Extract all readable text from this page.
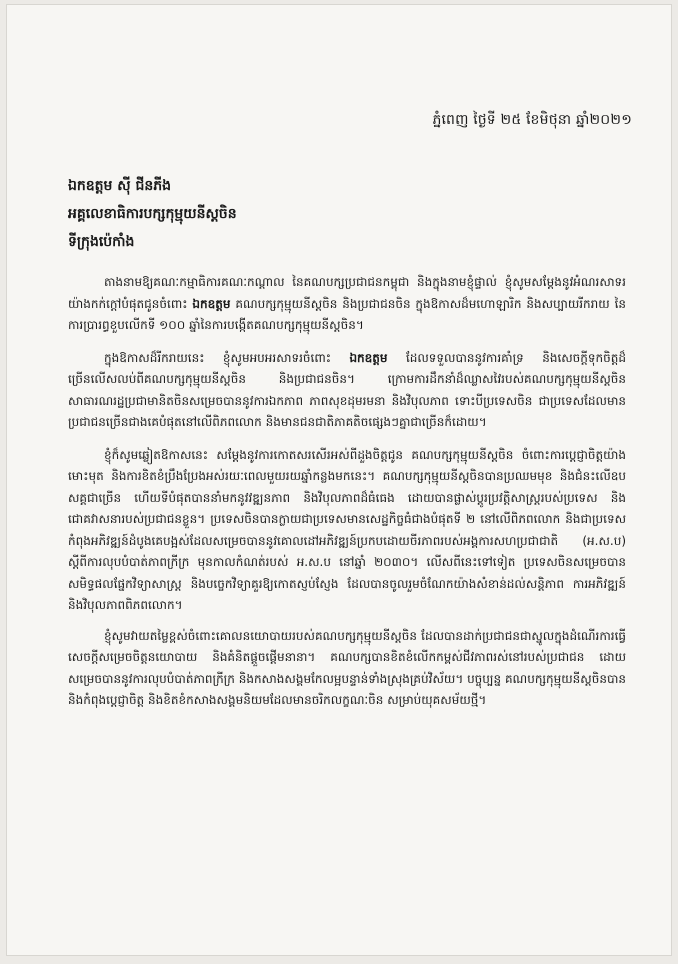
ភ្នំពេញ ថ្ងៃទី ២៥ ខែមិថុនា ឆ្នាំ២០២១
ឯកឧត្តម ស៊ី ជីនភីង
អគ្គលេខាធិការបក្សកុម្មុយនីស្តចិន
ទីក្រុងប៉េកាំង

តាងនាមឱ្យគណៈកម្មាធិការគណៈកណ្ដាល នៃគណបក្សប្រជាជនកម្ពុជា និងក្នុងនាមខ្ញុំផ្ទាល់ ខ្ញុំសូមសម្ដែងនូវអំណរសាទរយ៉ាងកក់ក្ដៅបំផុតជូនចំពោះ ឯកឧត្តម គណបក្សកុម្មុយនីស្តចិន និងប្រជាជនចិន ក្នុងឱកាសដ៏មហោឡារិក និងសប្បាយរីករាយ នៃការប្រារព្ធខួបលើកទី ១០០ ឆ្នាំនៃការបង្កើតគណបក្សកុម្មុយនីស្តចិន។

ក្នុងឱកាសដ៏រីករាយនេះ ខ្ញុំសូមអបអរសាទរចំពោះ ឯកឧត្តម ដែលទទួលបាននូវការគាំទ្រ និងសេចក្ដីទុកចិត្តដ៏ច្រើនលើសលប់ពីគណបក្សកុម្មុយនីស្តចិន និងប្រជាជនចិន។ ក្រោមការដឹកនាំដ៏ឈ្លាសវៃរបស់គណបក្សកុម្មុយនីស្តចិន សាធារណរដ្ឋប្រជាមានិតចិនសម្រេចបាននូវការឯកភាព ភាពសុខដុមរមនា និងវិបុលភាព ទោះបីប្រទេសចិន ជាប្រទេសដែលមានប្រជាជនច្រើនជាងគេបំផុតនៅលើពិភពលោក និងមានជនជាតិភាគតិចផ្សេងៗគ្នាជាច្រើនក៏ដោយ។

ខ្ញុំក៏សូមឆ្លៀតឱកាសនេះ សម្ដែងនូវការកោតសរសើរអស់ពីដួងចិត្តជូន គណបក្សកុម្មុយនីស្តចិន ចំពោះការប្ដេជ្ញាចិត្តយ៉ាងមោះមុត និងការខិតខំប្រឹងប្រែងអស់រយៈពេលមួយរយឆ្នាំកន្លងមកនេះ។ គណបក្សកុម្មុយនីស្តចិនបានប្រឈមមុខ និងជំនះលើឧបសគ្គជាច្រើន ហើយទីបំផុតបាននាំមកនូវវឌ្ឍនភាព និងវិបុលភាពដ៏ធំធេង ដោយបានផ្លាស់ប្ដូរប្រវត្តិសាស្ត្ររបស់ប្រទេស និងជោគវាសនារបស់ប្រជាជនខ្លួន។ ប្រទេសចិនបានក្លាយជាប្រទេសមានសេដ្ឋកិច្ចធំជាងបំផុតទី ២ នៅលើពិភពលោក និងជាប្រទេសកំពុងអភិវឌ្ឍន៍ដំបូងគេបង្អស់ដែលសម្រេចបាននូវគោលដៅអភិវឌ្ឍន៍ប្រកបដោយចីរភាពរបស់អង្គការសហប្រជាជាតិ (អ.ស.ប) ស្ដីពីការលុបបំបាត់ភាពក្រីក្រ មុនកាលកំណត់របស់ អ.ស.ប នៅឆ្នាំ ២០៣០។ លើសពីនេះទៅទៀត ប្រទេសចិនសម្រេចបានសមិទ្ធផលផ្នែកវិទ្យាសាស្ត្រ និងបច្ចេកវិទ្យាគួរឱ្យកោតស្ញប់ស្ញែង ដែលបានចូលរួមចំណែកយ៉ាងសំខាន់ដល់សន្តិភាព ការអភិវឌ្ឍន៍ និងវិបុលភាពពិភពលោក។

ខ្ញុំសូមវាយតម្លៃខ្ពស់ចំពោះគោលនយោបាយរបស់គណបក្សកុម្មុយនីស្តចិន ដែលបានដាក់ប្រជាជនជាស្នូលក្នុងដំណើរការធ្វើសេចក្ដីសម្រេចចិត្តនយោបាយ និងគំនិតផ្ដួចផ្ដើមនានា។ គណបក្សបានខិតខំលើកកម្ពស់ជីវភាពរស់នៅរបស់ប្រជាជន ដោយសម្រេចបាននូវការលុបបំបាត់ភាពក្រីក្រ និងកសាងសង្គមកែលម្អបន្ទាន់ទាំងស្រុងគ្រប់វិស័យ។ បច្ចុប្បន្ន គណបក្សកុម្មុយនីស្តចិនបាន និងកំពុងប្ដេជ្ញាចិត្ត និងខិតខំកសាងសង្គមនិយមដែលមានចរិកលក្ខណៈចិន សម្រាប់យុគសម័យថ្មី។
